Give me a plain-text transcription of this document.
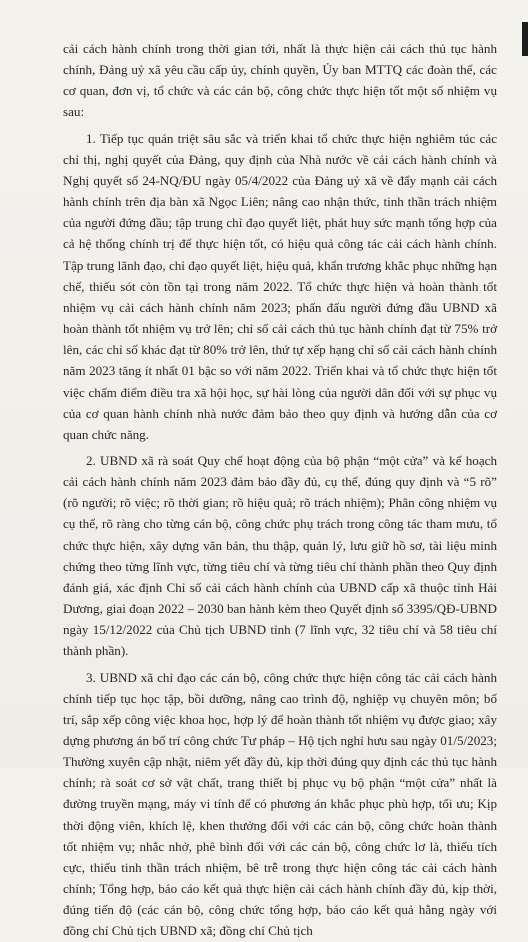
cải cách hành chính trong thời gian tới, nhất là thực hiện cải cách thủ tục hành chính, Đảng uỷ xã yêu cầu cấp ủy, chính quyền, Ủy ban MTTQ các đoàn thể, các cơ quan, đơn vị, tổ chức và các cán bộ, công chức thực hiện tốt một số nhiệm vụ sau:

1. Tiếp tục quán triệt sâu sắc và triển khai tổ chức thực hiện nghiêm túc các chỉ thị, nghị quyết của Đảng, quy định của Nhà nước về cải cách hành chính và Nghị quyết số 24-NQ/ĐU ngày 05/4/2022 của Đảng uỷ xã về đẩy mạnh cải cách hành chính trên địa bàn xã Ngọc Liên; nâng cao nhận thức, tinh thần trách nhiệm của người đứng đầu; tập trung chỉ đạo quyết liệt, phát huy sức mạnh tổng hợp của cả hệ thống chính trị để thực hiện tốt, có hiệu quả công tác cải cách hành chính. Tập trung lãnh đạo, chỉ đạo quyết liệt, hiệu quả, khẩn trương khắc phục những hạn chế, thiếu sót còn tồn tại trong năm 2022. Tổ chức thực hiện và hoàn thành tốt nhiệm vụ cải cách hành chính năm 2023; phấn đấu người đứng đầu UBND xã hoàn thành tốt nhiệm vụ trở lên; chỉ số cải cách thủ tục hành chính đạt từ 75% trở lên, các chỉ số khác đạt từ 80% trở lên, thứ tự xếp hạng chỉ số cải cách hành chính năm 2023 tăng ít nhất 01 bậc so với năm 2022. Triển khai và tổ chức thực hiện tốt việc chấm điểm điều tra xã hội học, sự hài lòng của người dân đối với sự phục vụ của cơ quan hành chính nhà nước đảm bảo theo quy định và hướng dẫn của cơ quan chức năng.

2. UBND xã rà soát Quy chế hoạt động của bộ phận “một cửa” và kế hoạch cải cách hành chính năm 2023 đảm bảo đầy đủ, cụ thể, đúng quy định và “5 rõ” (rõ người; rõ việc; rõ thời gian; rõ hiệu quả; rõ trách nhiệm); Phân công nhiệm vụ cụ thể, rõ ràng cho từng cán bộ, công chức phụ trách trong công tác tham mưu, tổ chức thực hiện, xây dựng văn bản, thu thập, quản lý, lưu giữ hồ sơ, tài liệu minh chứng theo từng lĩnh vực, từng tiêu chí và từng tiêu chí thành phần theo Quy định đánh giá, xác định Chỉ số cải cách hành chính của UBND cấp xã thuộc tỉnh Hải Dương, giai đoạn 2022 – 2030 ban hành kèm theo Quyết định số 3395/QĐ-UBND ngày 15/12/2022 của Chủ tịch UBND tỉnh (7 lĩnh vực, 32 tiêu chí và 58 tiêu chí thành phần).

3. UBND xã chỉ đạo các cán bộ, công chức thực hiện công tác cải cách hành chính tiếp tục học tập, bồi dưỡng, nâng cao trình độ, nghiệp vụ chuyên môn; bố trí, sắp xếp công việc khoa học, hợp lý để hoàn thành tốt nhiệm vụ được giao; xây dựng phương án bố trí công chức Tư pháp – Hộ tịch nghỉ hưu sau ngày 01/5/2023; Thường xuyên cập nhật, niêm yết đầy đủ, kịp thời đúng quy định các thủ tục hành chính; rà soát cơ sở vật chất, trang thiết bị phục vụ bộ phận “một cửa” nhất là đường truyền mạng, máy vi tính để có phương án khắc phục phù hợp, tối ưu; Kịp thời động viên, khích lệ, khen thưởng đối với các cán bộ, công chức hoàn thành tốt nhiệm vụ; nhắc nhở, phê bình đối với các cán bộ, công chức lơ là, thiếu tích cực, thiếu tinh thần trách nhiệm, bê trễ trong thực hiện công tác cải cách hành chính; Tổng hợp, báo cáo kết quả thực hiện cải cách hành chính đầy đủ, kịp thời, đúng tiến độ (các cán bộ, công chức tổng hợp, báo cáo kết quả hằng ngày với đồng chí Chủ tịch UBND xã; đồng chí Chủ tịch
